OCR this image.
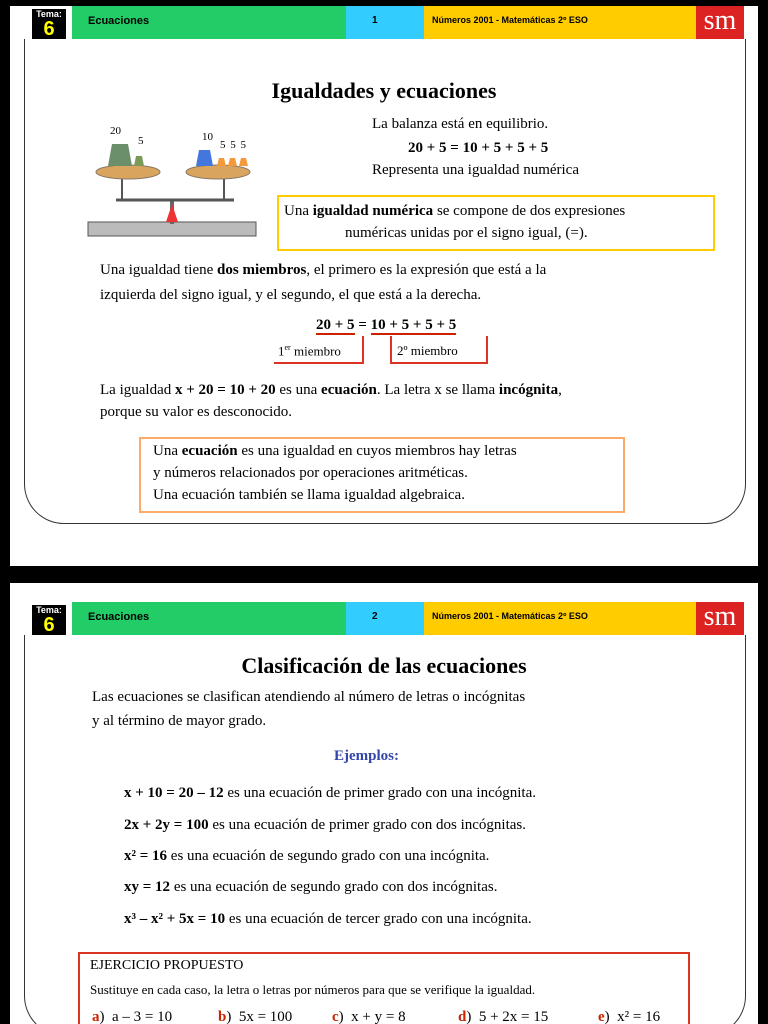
Tema:
6	Ecuaciones	1	Números 2001 - Matemáticas 2º ESO	sm
Igualdades y ecuaciones
20
5	10
5 5 5
La balanza está en equilibrio.
20 + 5 = 10 + 5 + 5 + 5
Representa una igualdad numérica
Una igualdad numérica se compone de dos expresiones
numéricas unidas por el signo igual, (=).
Una igualdad tiene dos miembros, el primero es la expresión que está a la
izquierda del signo igual, y el segundo, el que está a la derecha.
20 + 5 = 10 + 5 + 5 + 5
1er miembro	2º miembro
La igualdad x + 20 = 10 + 20 es una ecuación. La letra x se llama incógnita,
porque su valor es desconocido.
Una ecuación es una igualdad en cuyos miembros hay letras
y números relacionados por operaciones aritméticas.
Una ecuación también se llama igualdad algebraica.
Tema:
6	Ecuaciones	2	Números 2001 - Matemáticas 2º ESO	sm
Clasificación de las ecuaciones
Las ecuaciones se clasifican atendiendo al número de letras o incógnitas
y al término de mayor grado.
Ejemplos:
x + 10 = 20 – 12 es una ecuación de primer grado con una incógnita.
2x + 2y = 100 es una ecuación de primer grado con dos incógnitas.
x² = 16 es una ecuación de segundo grado con una incógnita.
xy = 12 es una ecuación de segundo grado con dos incógnitas.
x³ – x² + 5x = 10 es una ecuación de tercer grado con una incógnita.
EJERCICIO PROPUESTO
Sustituye en cada caso, la letra o letras por números para que se verifique la igualdad.
a)  a – 3 = 10	b)  5x = 100	c)  x + y = 8	d)  5 + 2x = 15	e)  x² = 16
